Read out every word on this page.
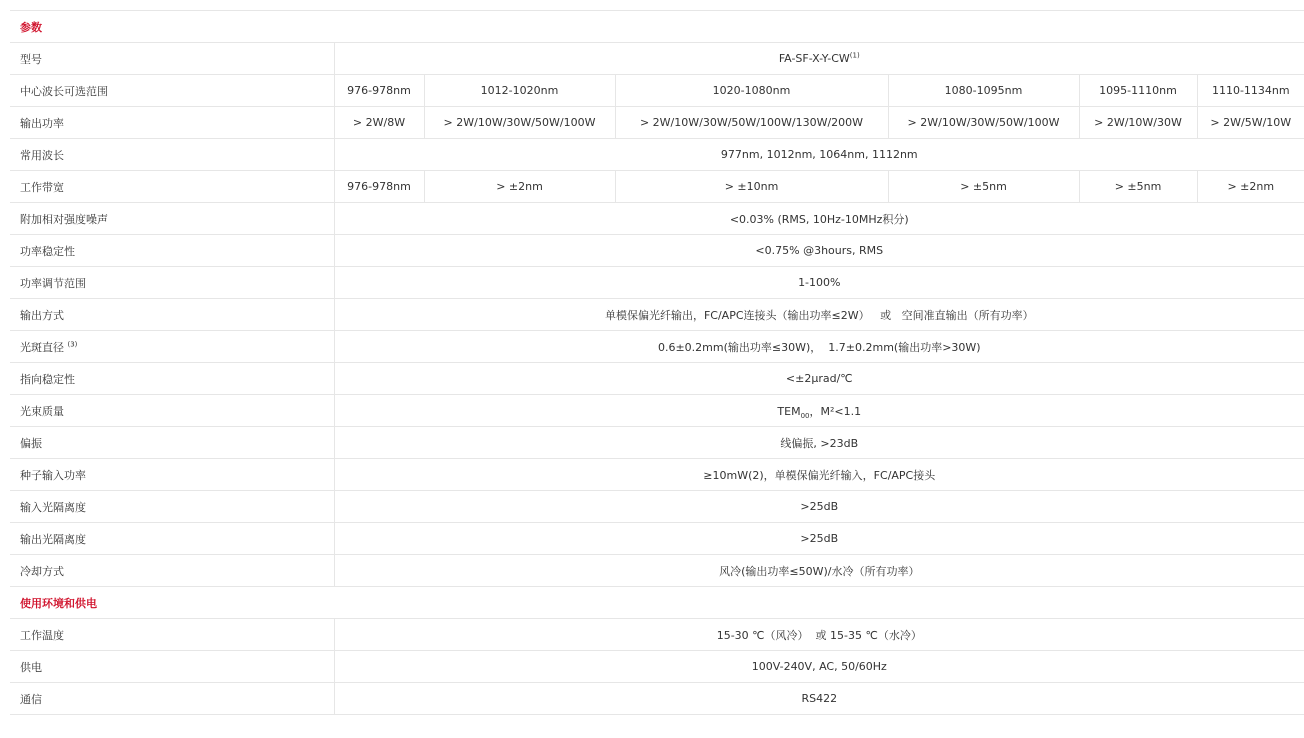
参数						
型号	FA-SF-X-Y-CW$^{(1)}$
中心波长可选范围	976-978nm	1012-1020nm	1020-1080nm	1080-1095nm	1095-1110nm	1110-1134nm
输出功率	> 2W/8W	> 2W/10W/30W/50W/100W	> 2W/10W/30W/50W/100W/130W/200W	> 2W/10W/30W/50W/100W	> 2W/10W/30W	> 2W/5W/10W
常用波长	977nm, 1012nm, 1064nm, 1112nm					
工作带宽	976-978nm	> ±2nm	> ±10nm	> ±5nm	> ±5nm	> ±2nm
附加相对强度噪声	<0.03% (RMS, 10Hz-10MHz积分)					
功率稳定性	<0.75% @3hours, RMS					
功率调节范围	1-100%					
输出方式	单模保偏光纤输出，FC/APC连接头（输出功率≤2W）   或   空间准直输出（所有功率）					
光斑直径 $^{(3)}$	0.6±0.2mm(输出功率≤30W)，  1.7±0.2mm(输出功率>30W)					
指向稳定性	<±2μrad/℃					
光束质量	$TEM_{00}$，M²<1.1					
偏振	线偏振, >23dB					
种子输入功率	≥10mW(2)，单模保偏光纤输入，FC/APC接头					
输入光隔离度	>25dB					
输出光隔离度	>25dB					
冷却方式	风冷(输出功率≤50W)/水冷（所有功率）					
使用环境和供电						
工作温度	15-30 ℃（风冷）  或 15-35 ℃（水冷）					
供电	100V-240V, AC, 50/60Hz					
通信	RS422					
